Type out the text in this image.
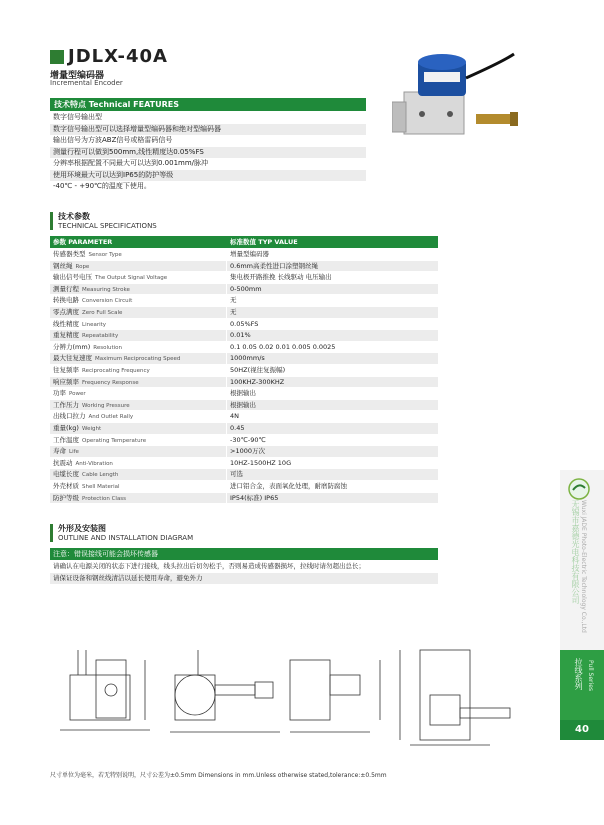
JDLX-40A
增量型编码器
Incremental Encoder
技术特点 Technical FEATURES
数字信号输出型
数字信号输出型可以选择增量型编码器和绝对型编码器
输出信号为方波ABZ信号或格雷码信号
测量行程可以做到500mm,线性精度达0.05%FS
分辨率根据配置不同最大可以达到0.001mm/脉冲
使用环境最大可以达到IP65的防护等级
-40℃ - +90℃的温度下使用。
技术参数
TECHNICAL SPECIFICATIONS
参数 PARAMETER	标准数值 TYP VALUE
传感器类型 Sensor Type	增量型编码器
钢丝绳 Rope	0.6mm高柔性进口涂塑钢丝绳
输出信号电压 The Output Signal Voltage	集电极开路推挽 长线驱动 电压输出
测量行程 Measuring Stroke	0-500mm
转换电路 Conversion Circuit	无
零点满度 Zero Full Scale	无
线性精度 Linearity	0.05%FS
重复精度 Repeatability	0.01%
分辨力(mm) Resolution	0.1 0.05 0.02 0.01 0.005 0.0025
最大往复速度 Maximum Reciprocating Speed	1000mm/s
往复频率 Reciprocating Frequency	50HZ(视往复振幅)
响应频率 Frequency Response	100KHZ-300KHZ
功率 Power	根据输出
工作压力 Working Pressure	根据输出
出线口拉力 And Outlet Rally	4N
重量(kg) Weight	0.45
工作温度 Operating Temperature	-30℃-90℃
寿命 Life	>1000万次
抗震动 Anti-Vibration	10HZ-1500HZ 10G
电缆长度 Cable Length	可选
外壳材质 Shell Material	进口铝合金，表面氧化处理，耐磨防腐蚀
防护等级 Protection Class	IP54(标准) IP65
外形及安装图
OUTLINE AND INSTALLATION DIAGRAM
注意：错误接线可能会损坏传感器
请确认在电源关闭的状态下进行接线，线头拉出后切勿松手，否则易造成传感器损坏，拉线时请勿超出总长；
请保证设备和钢丝线清洁以延长使用寿命，避免外力	无锡市嘉德光电科技有限公司 Wuxi JADE Photo-Electric Technology Co.,Ltd
拉线系列 Pull Series
40
尺寸单位为毫米，若无特别说明，尺寸公差为±0.5mm Dimensions in mm.Unless otherwise stated,tolerance:±0.5mm
